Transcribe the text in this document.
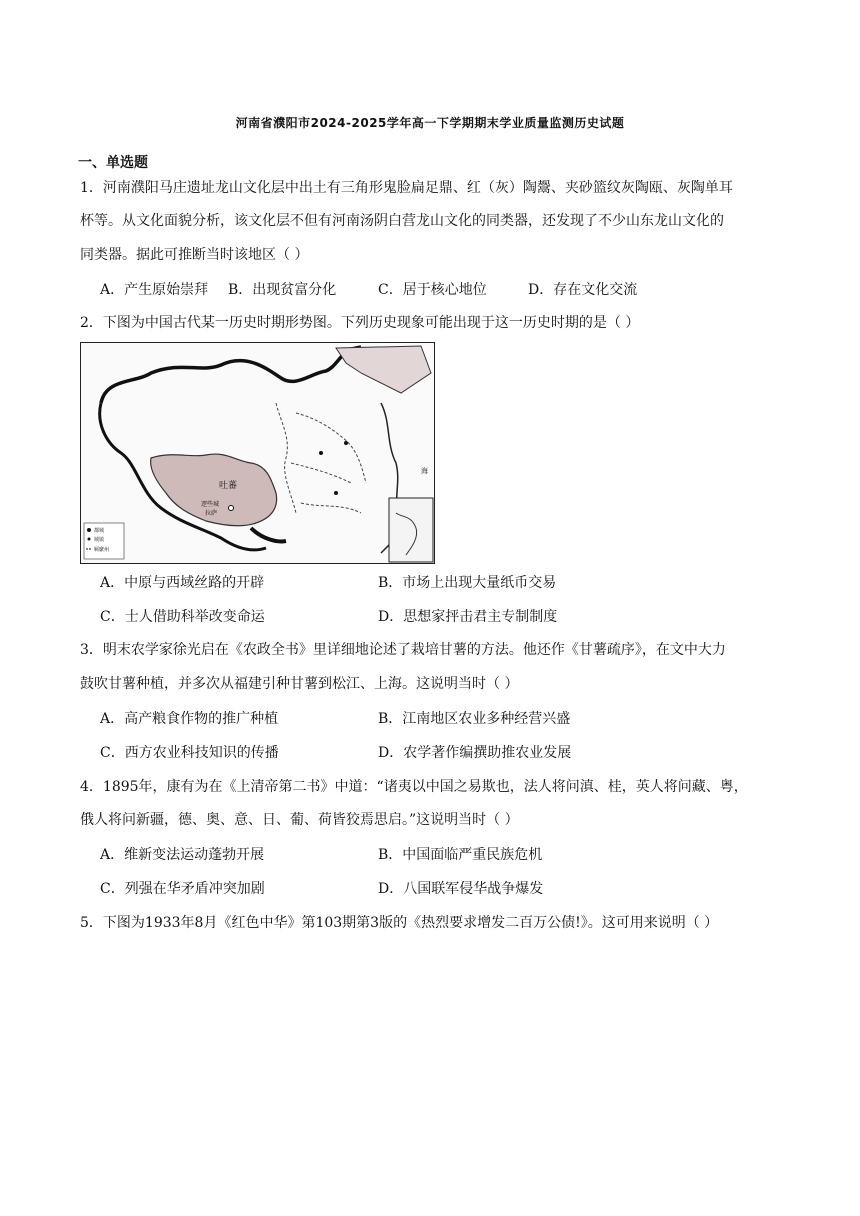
河南省濮阳市2024-2025学年高一下学期期末学业质量监测历史试题
一、单选题
1．河南濮阳马庄遗址龙山文化层中出土有三角形鬼脸扁足鼎、红（灰）陶鬶、夹砂篮纹灰陶瓯、灰陶单耳
杯等。从文化面貌分析，该文化层不但有河南汤阴白营龙山文化的同类器，还发现了不少山东龙山文化的
同类器。据此可推断当时该地区（ ）
A．产生原始崇拜 B．出现贫富分化	C．居于核心地位	D．存在文化交流
2．下图为中国古代某一历史时期形势图。下列历史现象可能出现于这一历史时期的是（ ）
吐蕃
逻些城
拉萨
海
都城
城镇
羁縻州
A．中原与西域丝路的开辟	B．市场上出现大量纸币交易
C．士人借助科举改变命运	D．思想家抨击君主专制制度
3．明末农学家徐光启在《农政全书》里详细地论述了栽培甘薯的方法。他还作《甘薯疏序》，在文中大力
鼓吹甘薯种植，并多次从福建引种甘薯到松江、上海。这说明当时（ ）
A．高产粮食作物的推广种植	B．江南地区农业多种经营兴盛
C．西方农业科技知识的传播	D．农学著作编撰助推农业发展
4．1895年，康有为在《上清帝第二书》中道：“诸夷以中国之易欺也，法人将问滇、桂，英人将问藏、粤，
俄人将问新疆，德、奥、意、日、葡、荷皆狡焉思启。”这说明当时（ ）
A．维新变法运动蓬勃开展	B．中国面临严重民族危机
C．列强在华矛盾冲突加剧	D．八国联军侵华战争爆发
5．下图为1933年8月《红色中华》第103期第3版的《热烈要求增发二百万公债!》。这可用来说明（ ）
